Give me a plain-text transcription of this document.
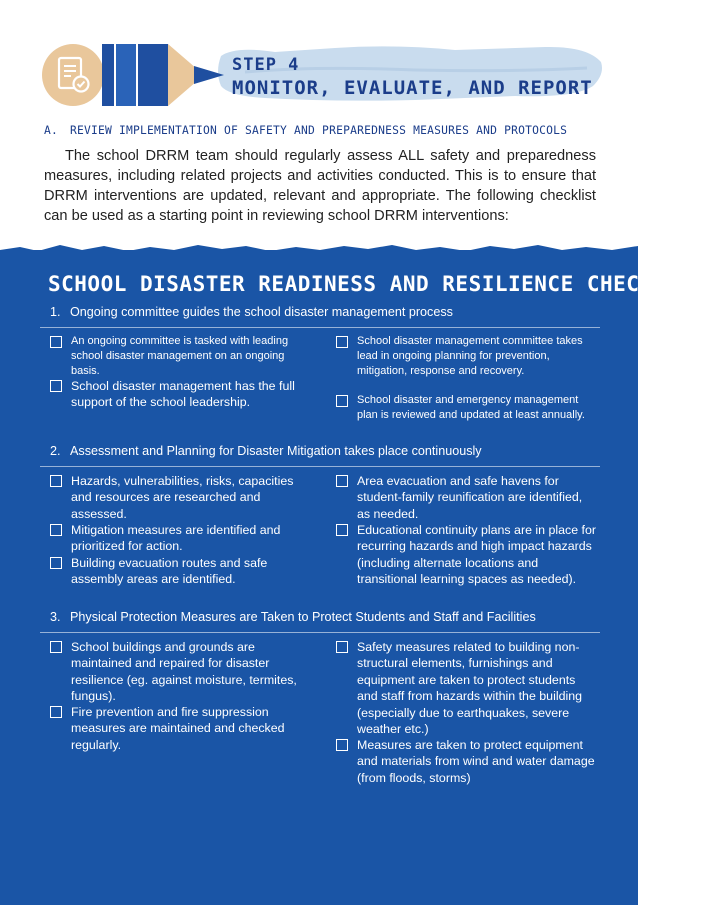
STEP 4
MONITOR, EVALUATE, AND REPORT
A. REVIEW IMPLEMENTATION OF SAFETY AND PREPAREDNESS MEASURES AND PROTOCOLS

The school DRRM team should regularly assess ALL safety and preparedness measures, including related projects and activities conducted. This is to ensure that DRRM interventions are updated, relevant and appropriate. The following checklist can be used as a starting point in reviewing school DRRM interventions:

SCHOOL DISASTER READINESS AND RESILIENCE CHECKLIST
1. Ongoing committee guides the school disaster management process
An ongoing committee is tasked with leading school disaster management on an ongoing basis.
School disaster management has the full support of the school leadership.
School disaster management committee takes lead in ongoing planning for prevention, mitigation, response and recovery.
School disaster and emergency management plan is reviewed and updated at least annually.
2. Assessment and Planning for Disaster Mitigation takes place continuously
Hazards, vulnerabilities, risks, capacities and resources are researched and assessed.
Mitigation measures are identified and prioritized for action.
Building evacuation routes and safe assembly areas are identified.
Area evacuation and safe havens for student-family reunification are identified, as needed.
Educational continuity plans are in place for recurring hazards and high impact hazards (including alternate locations and transitional learning spaces as needed).
3. Physical Protection Measures are Taken to Protect Students and Staff and Facilities
School buildings and grounds are maintained and repaired for disaster resilience (eg. against moisture, termites, fungus).
Fire prevention and fire suppression measures are maintained and checked regularly.
Safety measures related to building non-structural elements, furnishings and equipment are taken to protect students and staff from hazards within the building (especially due to earthquakes, severe weather etc.)
Measures are taken to protect equipment and materials from wind and water damage (from floods, storms)
